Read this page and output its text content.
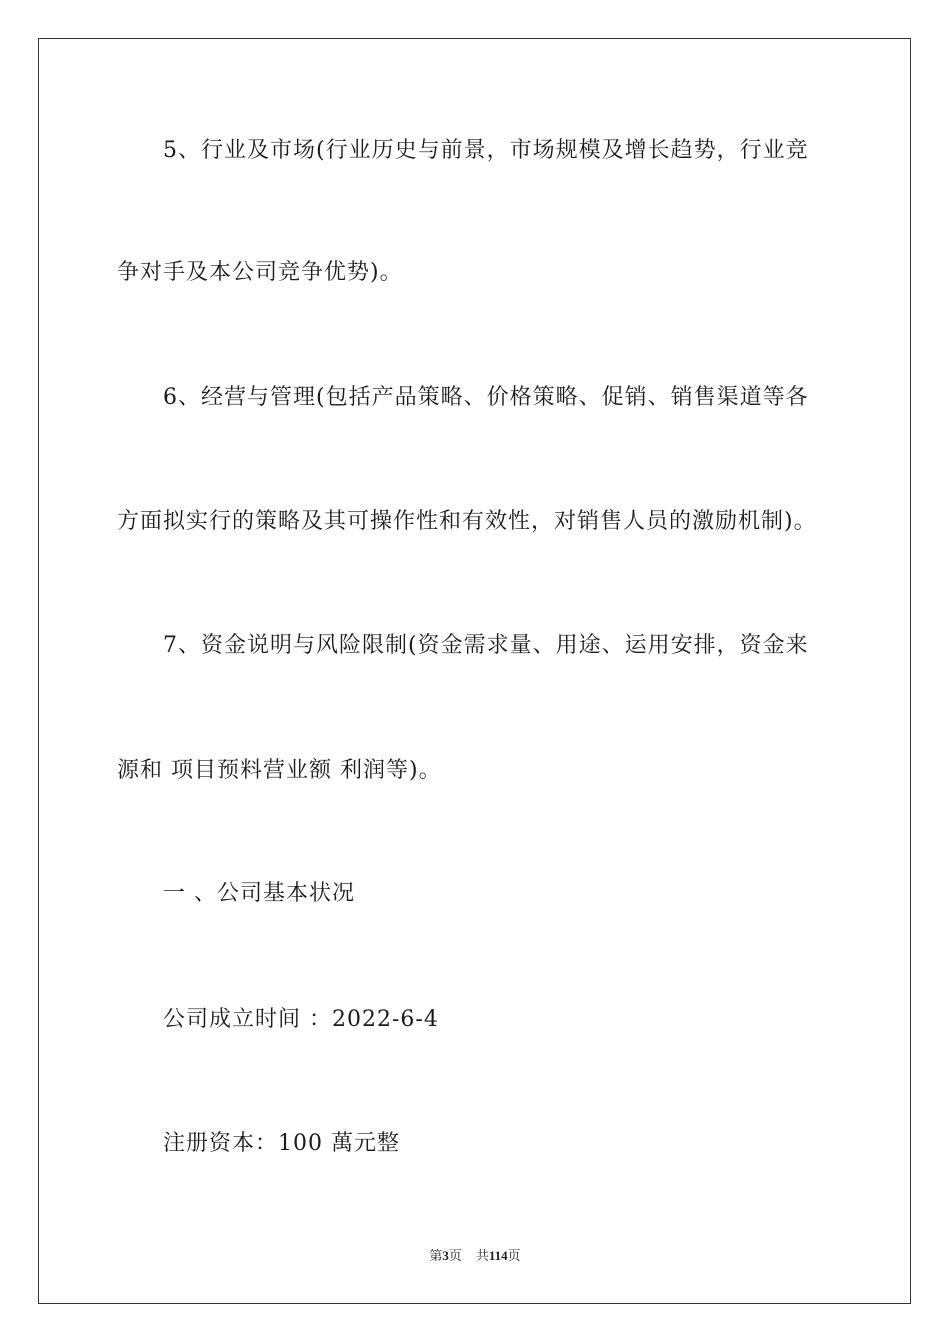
5、行业及市场(行业历史与前景，市场规模及增长趋势，行业竞
争对手及本公司竞争优势)。
6、经营与管理(包括产品策略、价格策略、促销、销售渠道等各
方面拟实行的策略及其可操作性和有效性，对销售人员的激励机制)。
7、资金说明与风险限制(资金需求量、用途、运用安排，资金来
源和 项目预料营业额 利润等)。
一 、公司基本状况
公司成立时间 ：2022-6-4
注册资本：100 萬元整
第3页 共114页
